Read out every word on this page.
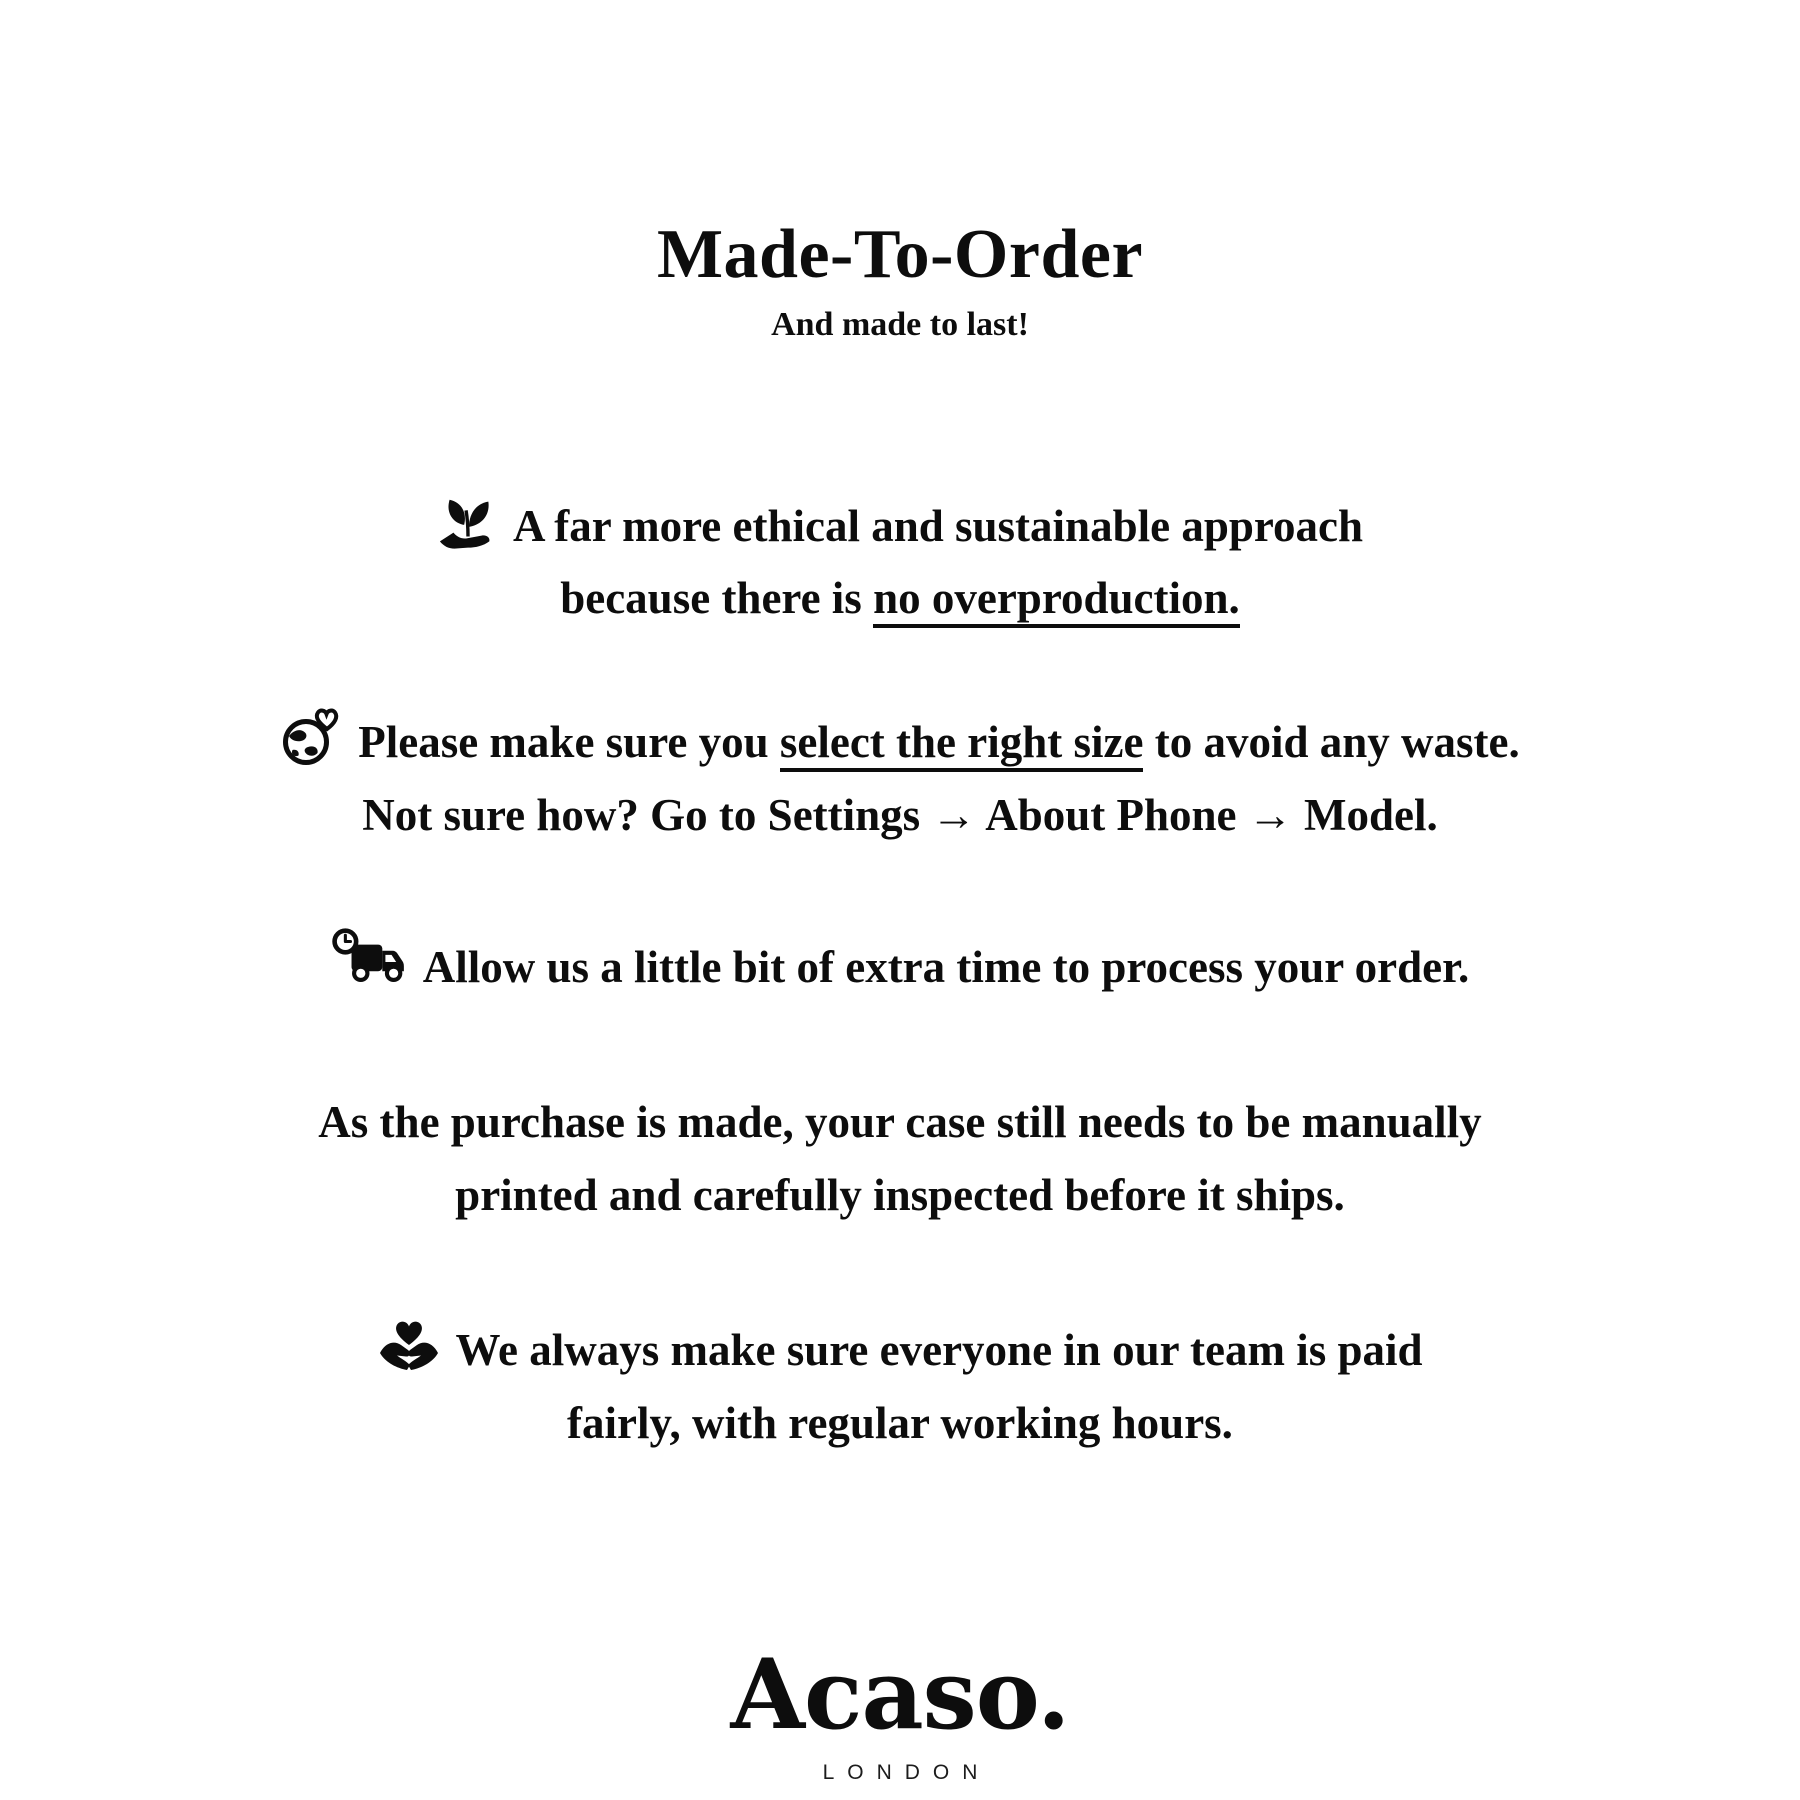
Made-To-Order
And made to last!
A far more ethical and sustainable approach
because there is no overproduction.
Please make sure you select the right size to avoid any waste.
Not sure how? Go to Settings → About Phone → Model.
Allow us a little bit of extra time to process your order.
As the purchase is made, your case still needs to be manually
printed and carefully inspected before it ships.
We always make sure everyone in our team is paid
fairly, with regular working hours.
Acaso.
LONDON
